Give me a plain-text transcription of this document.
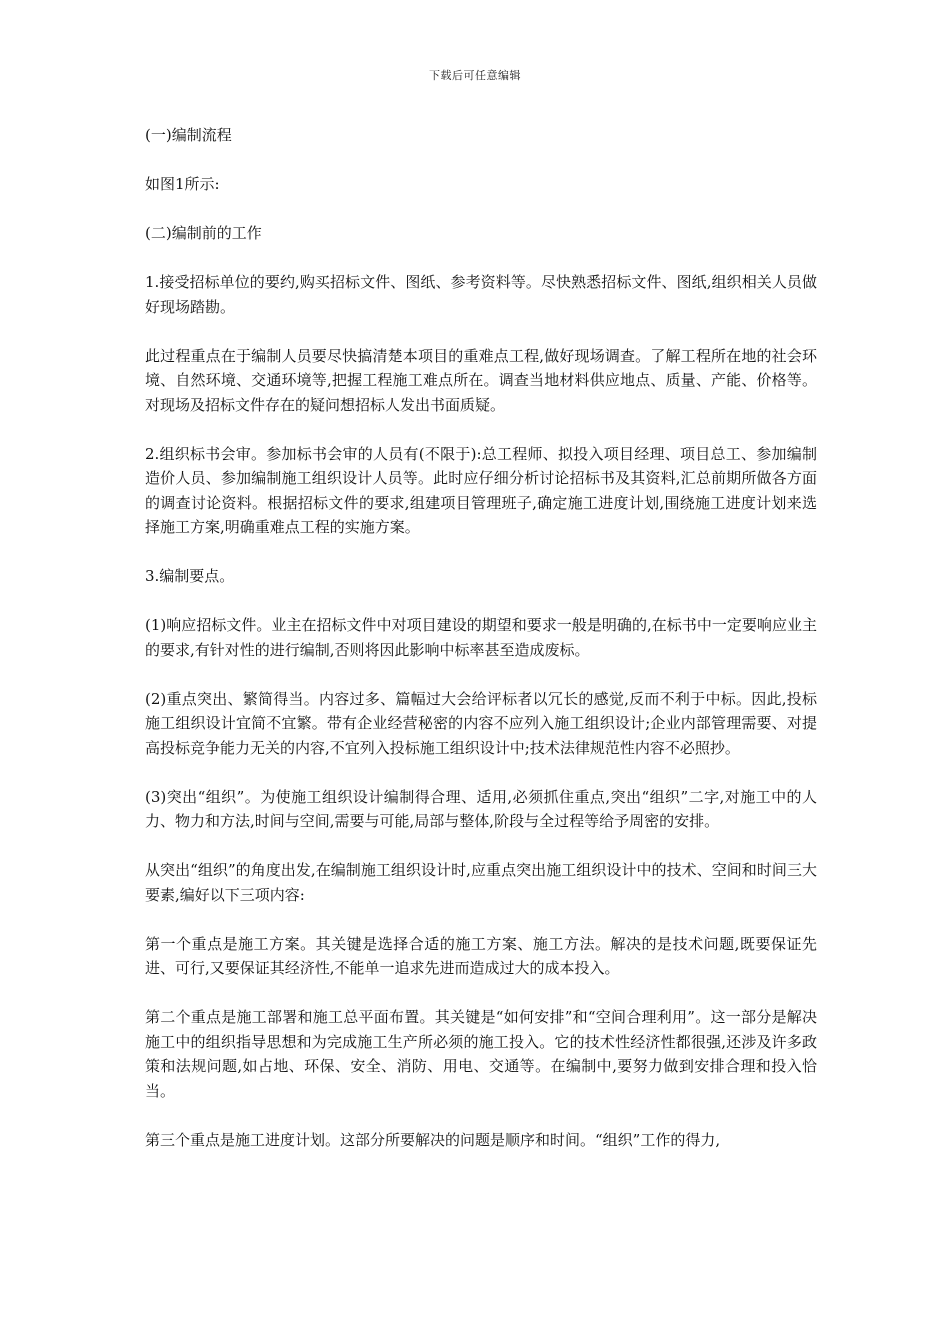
下载后可任意编辑

(一)编制流程

如图1所示:

(二)编制前的工作

1.接受招标单位的要约,购买招标文件、图纸、参考资料等。尽快熟悉招标文件、图纸,组织相关人员做好现场踏勘。

此过程重点在于编制人员要尽快搞清楚本项目的重难点工程,做好现场调查。了解工程所在地的社会环境、自然环境、交通环境等,把握工程施工难点所在。调查当地材料供应地点、质量、产能、价格等。对现场及招标文件存在的疑问想招标人发出书面质疑。

2.组织标书会审。参加标书会审的人员有(不限于):总工程师、拟投入项目经理、项目总工、参加编制造价人员、参加编制施工组织设计人员等。此时应仔细分析讨论招标书及其资料,汇总前期所做各方面的调查讨论资料。根据招标文件的要求,组建项目管理班子,确定施工进度计划,围绕施工进度计划来选择施工方案,明确重难点工程的实施方案。

3.编制要点。

(1)响应招标文件。业主在招标文件中对项目建设的期望和要求一般是明确的,在标书中一定要响应业主的要求,有针对性的进行编制,否则将因此影响中标率甚至造成废标。

(2)重点突出、繁简得当。内容过多、篇幅过大会给评标者以冗长的感觉,反而不利于中标。因此,投标施工组织设计宜简不宜繁。带有企业经营秘密的内容不应列入施工组织设计;企业内部管理需要、对提高投标竞争能力无关的内容,不宜列入投标施工组织设计中;技术法律规范性内容不必照抄。

(3)突出“组织”。为使施工组织设计编制得合理、适用,必须抓住重点,突出“组织”二字,对施工中的人力、物力和方法,时间与空间,需要与可能,局部与整体,阶段与全过程等给予周密的安排。

从突出“组织”的角度出发,在编制施工组织设计时,应重点突出施工组织设计中的技术、空间和时间三大要素,编好以下三项内容:

第一个重点是施工方案。其关键是选择合适的施工方案、施工方法。解决的是技术问题,既要保证先进、可行,又要保证其经济性,不能单一追求先进而造成过大的成本投入。

第二个重点是施工部署和施工总平面布置。其关键是“如何安排”和“空间合理利用”。这一部分是解决施工中的组织指导思想和为完成施工生产所必须的施工投入。它的技术性经济性都很强,还涉及许多政策和法规问题,如占地、环保、安全、消防、用电、交通等。在编制中,要努力做到安排合理和投入恰当。

第三个重点是施工进度计划。这部分所要解决的问题是顺序和时间。“组织”工作的得力,
